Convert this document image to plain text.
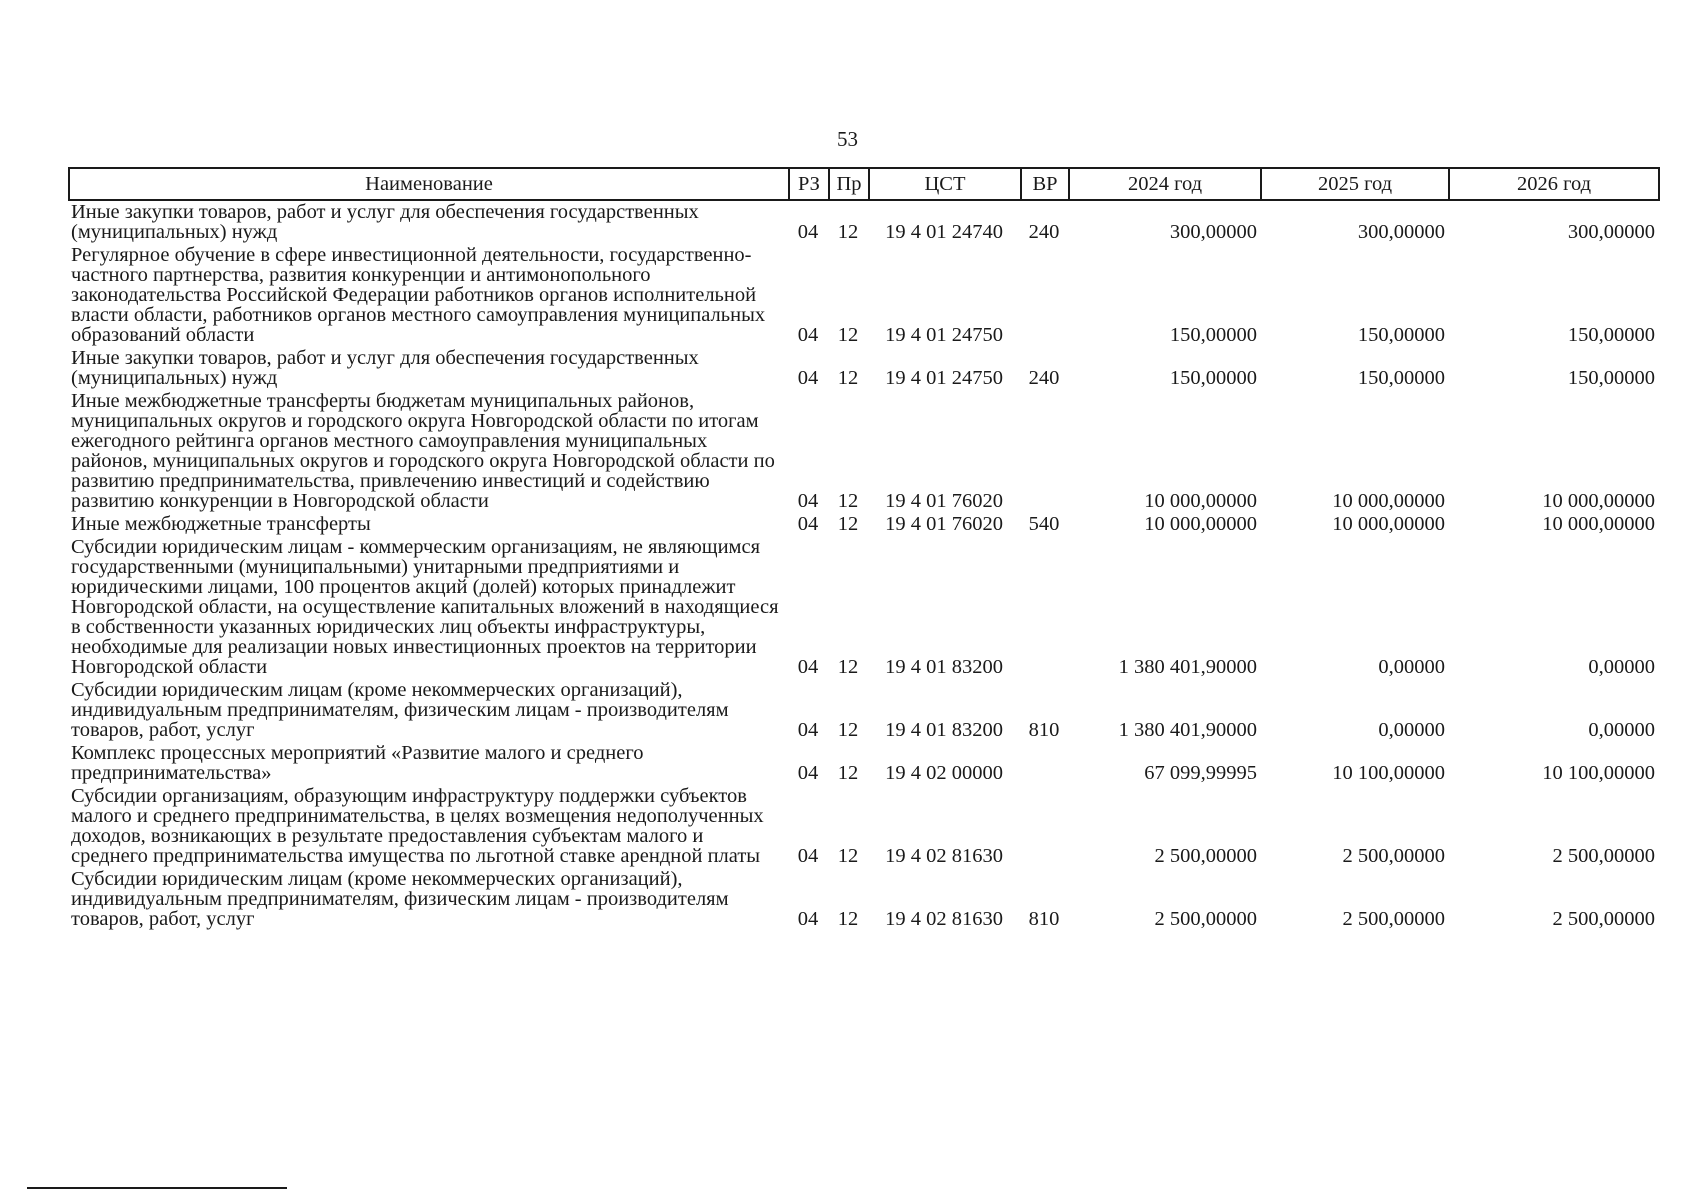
53
Наименование	РЗ	Пр	ЦСТ	ВР	2024 год	2025 год	2026 год
Иные закупки товаров, работ и услуг для обеспечения государственных (муниципальных) нужд	04	12	19 4 01 24740	240	300,00000	300,00000	300,00000
Регулярное обучение в сфере инвестиционной деятельности, государственно-частного партнерства, развития конкуренции и антимонопольного законодательства Российской Федерации работников органов исполнительной власти области, работников органов местного самоуправления муниципальных образований области	04	12	19 4 01 24750		150,00000	150,00000	150,00000
Иные закупки товаров, работ и услуг для обеспечения государственных (муниципальных) нужд	04	12	19 4 01 24750	240	150,00000	150,00000	150,00000
Иные межбюджетные трансферты бюджетам муниципальных районов, муниципальных округов и городского округа Новгородской области по итогам ежегодного рейтинга органов местного самоуправления муниципальных районов, муниципальных округов и городского округа Новгородской области по развитию предпринимательства, привлечению инвестиций и содействию развитию конкуренции в Новгородской области	04	12	19 4 01 76020		10 000,00000	10 000,00000	10 000,00000
Иные межбюджетные трансферты	04	12	19 4 01 76020	540	10 000,00000	10 000,00000	10 000,00000
Субсидии юридическим лицам - коммерческим организациям, не являющимся государственными (муниципальными) унитарными предприятиями и юридическими лицами, 100 процентов акций (долей) которых принадлежит Новгородской области, на осуществление капитальных вложений в находящиеся в собственности указанных юридических лиц объекты инфраструктуры, необходимые для реализации новых инвестиционных проектов на территории Новгородской области	04	12	19 4 01 83200		1 380 401,90000	0,00000	0,00000
Субсидии юридическим лицам (кроме некоммерческих организаций), индивидуальным предпринимателям, физическим лицам - производителям товаров, работ, услуг	04	12	19 4 01 83200	810	1 380 401,90000	0,00000	0,00000
Комплекс процессных мероприятий «Развитие малого и среднего предпринимательства»	04	12	19 4 02 00000		67 099,99995	10 100,00000	10 100,00000
Субсидии организациям, образующим инфраструктуру поддержки субъектов малого и среднего предпринимательства, в целях возмещения недополученных доходов, возникающих в результате предоставления субъектам малого и среднего предпринимательства имущества по льготной ставке арендной платы	04	12	19 4 02 81630		2 500,00000	2 500,00000	2 500,00000
Субсидии юридическим лицам (кроме некоммерческих организаций), индивидуальным предпринимателям, физическим лицам - производителям товаров, работ, услуг	04	12	19 4 02 81630	810	2 500,00000	2 500,00000	2 500,00000
